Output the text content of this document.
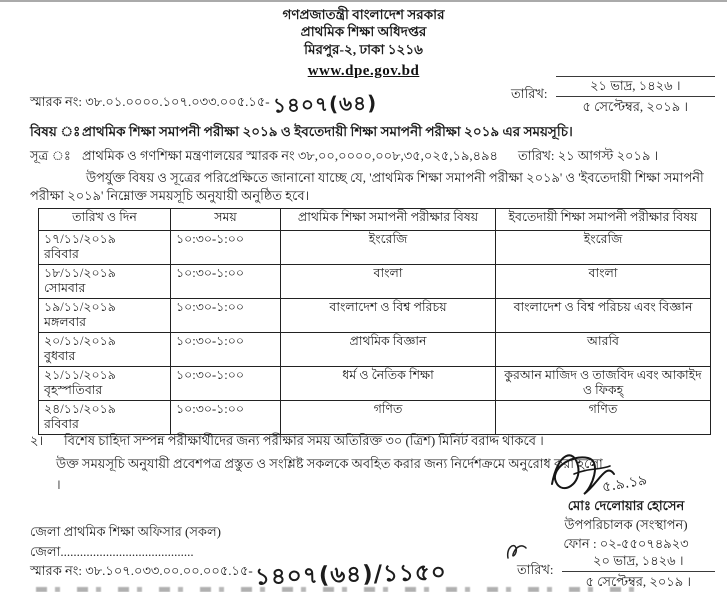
গণপ্রজাতন্ত্রী বাংলাদেশ সরকার
প্রাথমিক শিক্ষা অধিদপ্তর
মিরপুর-২, ঢাকা ১২১৬
www.dpe.gov.bd
স্মারক নং: ৩৮.০১.০০০০.১০৭.০৩৩.০০৫.১৫- ১৪০৭(৬৪)	তারিখ:
২১ ভাদ্র, ১৪২৬ ।
৫ সেপ্টেম্বর, ২০১৯ ।
বিষয় ঃ প্রাথমিক শিক্ষা সমাপনী পরীক্ষা ২০১৯ ও ইবতেদায়ী শিক্ষা সমাপনী পরীক্ষা ২০১৯ এর সময়সূচি।
সূত্র ঃ প্রাথমিক ও গণশিক্ষা মন্ত্রণালয়ের স্মারক নং ৩৮,০০,০০০০,০০৮,৩৫,০২৫,১৯,৪৯৪ তারিখ: ২১ আগস্ট ২০১৯ ।
উপর্যুক্ত বিষয় ও সূত্রের পরিপ্রেক্ষিতে জানানো যাচ্ছে যে, 'প্রাথমিক শিক্ষা সমাপনী পরীক্ষা ২০১৯' ও 'ইবতেদায়ী শিক্ষা সমাপনী পরীক্ষা ২০১৯' নিম্নোক্ত সময়সূচি অনুযায়ী অনুষ্ঠিত হবে।
তারিখ ও দিন	সময়	প্রাথমিক শিক্ষা সমাপনী পরীক্ষার বিষয়	ইবতেদায়ী শিক্ষা সমাপনী পরীক্ষার বিষয়

১৭/১১/২০১৯
রবিবার	১০:৩০-১:০০	ইংরেজি	ইংরেজি

১৮/১১/২০১৯
সোমবার	১০:৩০-১:০০	বাংলা	বাংলা

১৯/১১/২০১৯
মঙ্গলবার	১০:৩০-১:০০	বাংলাদেশ ও বিশ্ব পরিচয়	বাংলাদেশ ও বিশ্ব পরিচয় এবং বিজ্ঞান

২০/১১/২০১৯
বুধবার	১০:৩০-১:০০	প্রাথমিক বিজ্ঞান	আরবি

২১/১১/২০১৯
বৃহস্পতিবার	১০:৩০-১:০০	ধর্ম ও নৈতিক শিক্ষা	কুরআন মাজিদ ও তাজবিদ এবং আকাইদ ও ফিকহ্

২৪/১১/২০১৯
রবিবার	১০:৩০-১:০০	গণিত	গণিত
২।	বিশেষ চাহিদা সম্পন্ন পরীক্ষার্থীদের জন্য পরীক্ষার সময় অতিরিক্ত ৩০ (ত্রিশ) মিনিট বরাদ্দ থাকবে ।
উক্ত সময়সূচি অনুযায়ী প্রবেশপত্র প্রস্তুত ও সংশ্লিষ্ট সকলকে অবহিত করার জন্য নির্দেশক্রমে অনুরোধ করা হলো ।	৫.৯.১৯
মোঃ দেলোয়ার হোসেন
উপপরিচালক (সংস্থাপন)
ফোন : ০২-৫৫০৭৪৯২৩
জেলা প্রাথমিক শিক্ষা অফিসার (সকল)
জেলা.........................................
স্মারক নং: ৩৮.১০৭.০৩৩.০০.০০.০০৫.১৫-১৪০৭(৬৪)/১১৫০	তারিখ:
২০ ভাদ্র, ১৪২৬ ।
৫ সেপ্টেম্বর, ২০১৯ ।
